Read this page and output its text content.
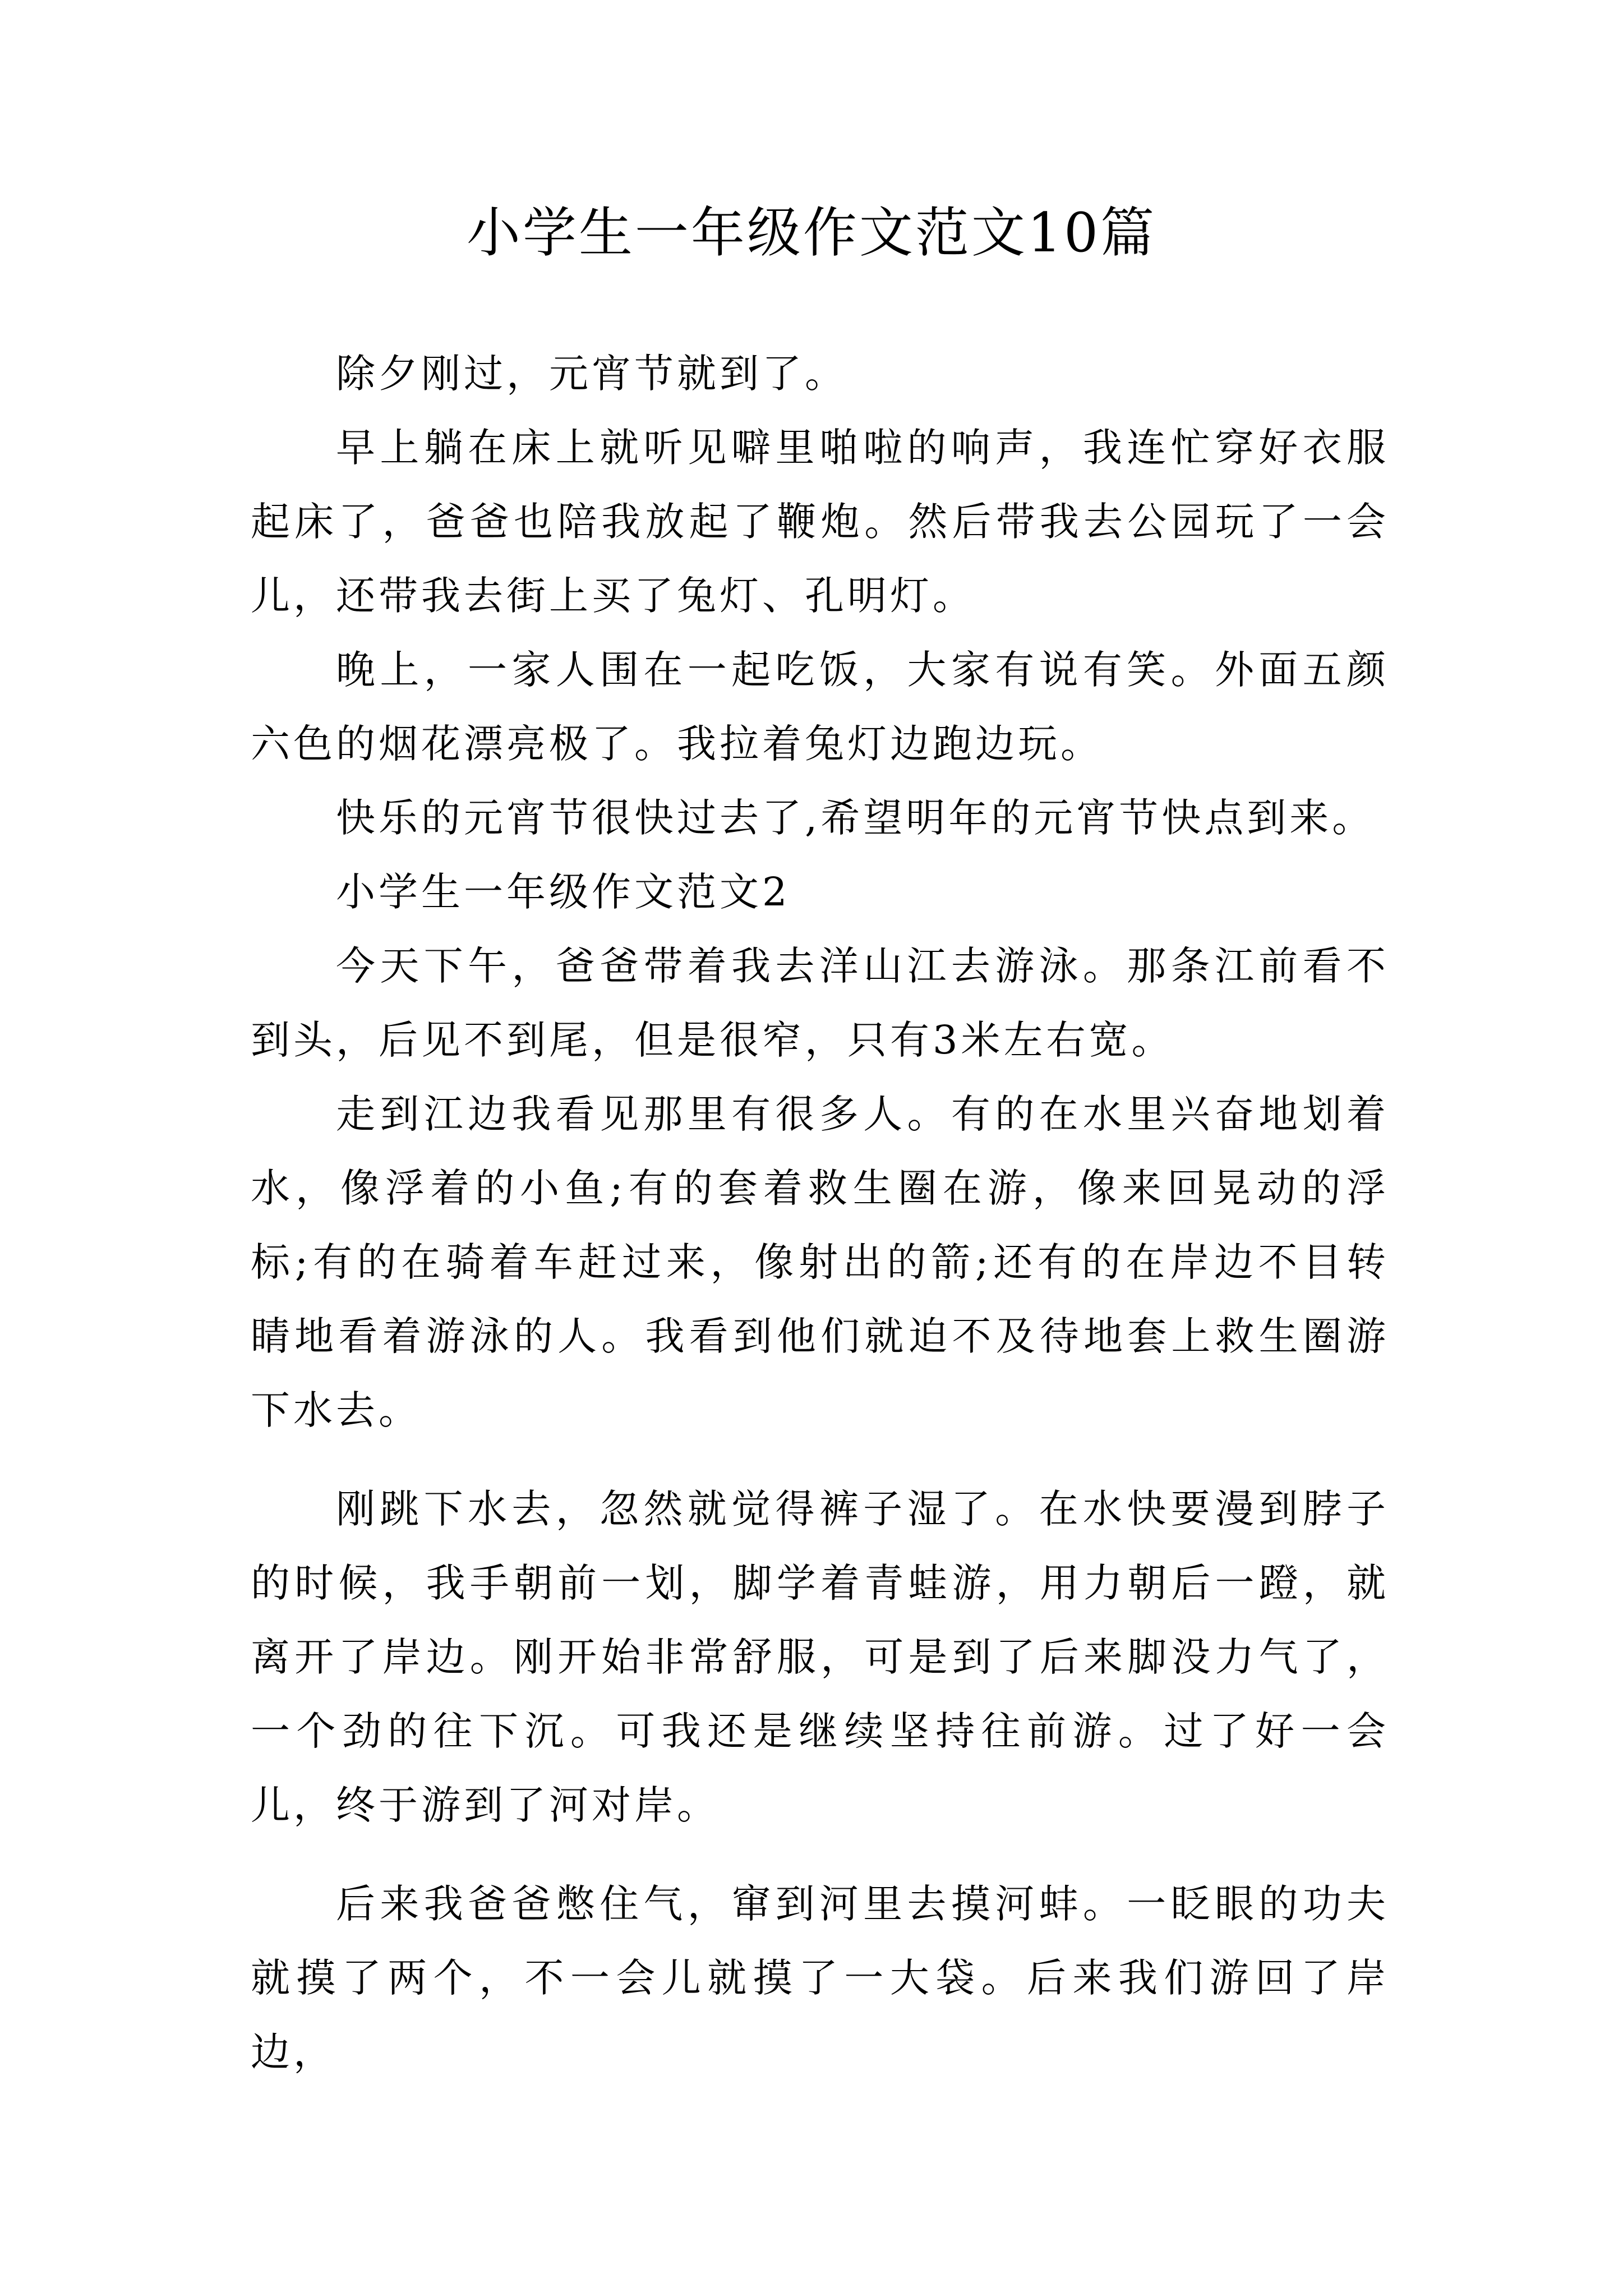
小学生一年级作文范文10篇

除夕刚过，元宵节就到了。

早上躺在床上就听见噼里啪啦的响声，我连忙穿好衣服起床了，爸爸也陪我放起了鞭炮。然后带我去公园玩了一会儿，还带我去街上买了兔灯、孔明灯。

晚上，一家人围在一起吃饭，大家有说有笑。外面五颜六色的烟花漂亮极了。我拉着兔灯边跑边玩。

快乐的元宵节很快过去了,希望明年的元宵节快点到来。

小学生一年级作文范文2

今天下午，爸爸带着我去洋山江去游泳。那条江前看不到头，后见不到尾，但是很窄，只有3米左右宽。

走到江边我看见那里有很多人。有的在水里兴奋地划着水，像浮着的小鱼;有的套着救生圈在游，像来回晃动的浮标;有的在骑着车赶过来，像射出的箭;还有的在岸边不目转睛地看着游泳的人。我看到他们就迫不及待地套上救生圈游下水去。

刚跳下水去，忽然就觉得裤子湿了。在水快要漫到脖子的时候，我手朝前一划，脚学着青蛙游，用力朝后一蹬，就离开了岸边。刚开始非常舒服，可是到了后来脚没力气了，一个劲的往下沉。可我还是继续坚持往前游。过了好一会儿，终于游到了河对岸。

后来我爸爸憋住气，窜到河里去摸河蚌。一眨眼的功夫就摸了两个，不一会儿就摸了一大袋。后来我们游回了岸边，
